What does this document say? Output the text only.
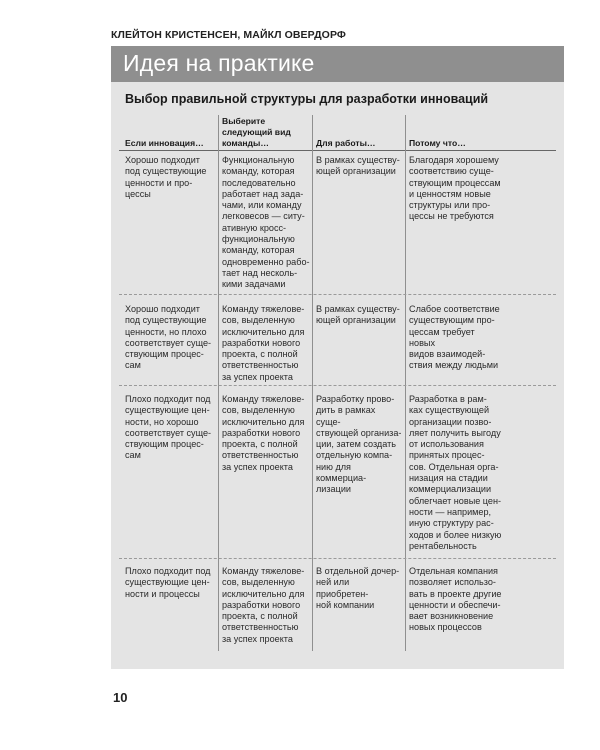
КЛЕЙТОН КРИСТЕНСЕН, МАЙКЛ ОВЕРДОРФ
Идея на практике
Выбор правильной структуры для разработки инноваций
Если инновация…
Выберите
следующий вид
команды…	Для работы…	Потому что…
Хорошо подходит
под существующие
ценности и про-
цессы
Функциональную
команду, которая
последовательно
работает над зада-
чами, или команду
легковесов — ситу-
ативную кросс-
функциональную
команду, которая
одновременно рабо-
тает над несколь-
кими задачами
В рамках существу-
ющей организации
Благодаря хорошему
соответствию суще-
ствующим процессам
и ценностям новые
структуры или про-
цессы не требуются
Хорошо подходит
под существующие
ценности, но плохо
соответствует суще-
ствующим процес-
сам
Команду тяжелове-
сов, выделенную
исключительно для
разработки нового
проекта, с полной
ответственностью
за успех проекта
В рамках существу-
ющей организации
Слабое соответствие
существующим про-
цессам требует новых
видов взаимодей-
ствия между людьми
Плохо подходит под
существующие цен-
ности, но хорошо
соответствует суще-
ствующим процес-
сам
Команду тяжелове-
сов, выделенную
исключительно для
разработки нового
проекта, с полной
ответственностью
за успех проекта
Разработку прово-
дить в рамках суще-
ствующей организа-
ции, затем создать
отдельную компа-
нию для коммерциа-
лизации
Разработка в рам-
ках существующей
организации позво-
ляет получить выгоду
от использования
принятых процес-
сов. Отдельная орга-
низация на стадии
коммерциализации
облегчает новые цен-
ности — например,
иную структуру рас-
ходов и более низкую
рентабельность
Плохо подходит под
существующие цен-
ности и процессы
Команду тяжелове-
сов, выделенную
исключительно для
разработки нового
проекта, с полной
ответственностью
за успех проекта
В отдельной дочер-
ней или приобретен-
ной компании
Отдельная компания
позволяет использо-
вать в проекте другие
ценности и обеспечи-
вает возникновение
новых процессов
10
